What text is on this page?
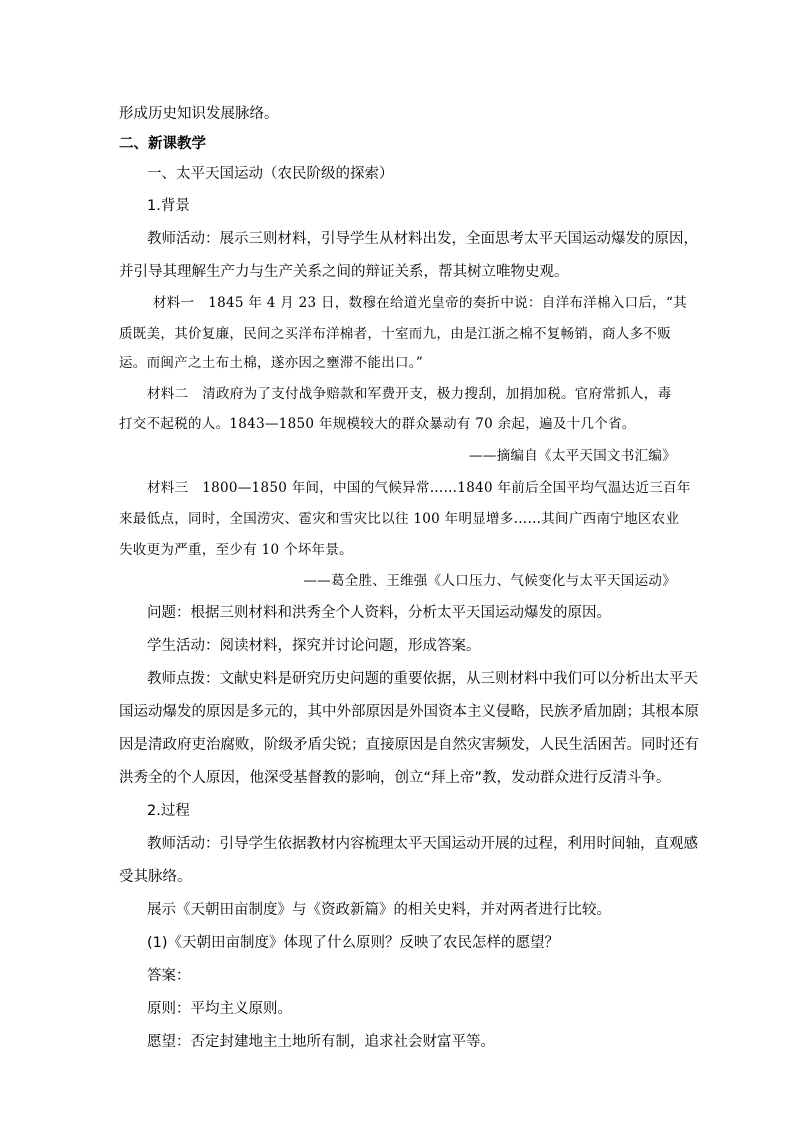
形成历史知识发展脉络。
二、新课教学
一、太平天国运动（农民阶级的探索）
1.背景
教师活动：展示三则材料，引导学生从材料出发，全面思考太平天国运动爆发的原因，
并引导其理解生产力与生产关系之间的辩证关系，帮其树立唯物史观。
材料一　1845 年 4 月 23 日，数穆在给道光皇帝的奏折中说：自洋布洋棉入口后，“其
质既美，其价复廉，民间之买洋布洋棉者，十室而九，由是江浙之棉不复畅销，商人多不贩
运。而闽产之土布土棉，遂亦因之壅滞不能出口。”
材料二　清政府为了支付战争赔款和军费开支，极力搜刮，加捐加税。官府常抓人，毒
打交不起税的人。1843—1850 年规模较大的群众暴动有 70 余起，遍及十几个省。
——摘编自《太平天国文书汇编》
材料三　1800—1850 年间，中国的气候异常……1840 年前后全国平均气温达近三百年
来最低点，同时，全国涝灾、雹灾和雪灾比以往 100 年明显增多……其间广西南宁地区农业
失收更为严重，至少有 10 个坏年景。
——葛全胜、王维强《人口压力、气候变化与太平天国运动》
问题：根据三则材料和洪秀全个人资料，分析太平天国运动爆发的原因。
学生活动：阅读材料，探究并讨论问题，形成答案。
教师点拨：文献史料是研究历史问题的重要依据，从三则材料中我们可以分析出太平天
国运动爆发的原因是多元的，其中外部原因是外国资本主义侵略，民族矛盾加剧；其根本原
因是清政府吏治腐败，阶级矛盾尖锐；直接原因是自然灾害频发，人民生活困苦。同时还有
洪秀全的个人原因，他深受基督教的影响，创立“拜上帝”教，发动群众进行反清斗争。
2.过程
教师活动：引导学生依据教材内容梳理太平天国运动开展的过程，利用时间轴，直观感
受其脉络。
展示《天朝田亩制度》与《资政新篇》的相关史料，并对两者进行比较。
(1)《天朝田亩制度》体现了什么原则？反映了农民怎样的愿望？
答案：
原则：平均主义原则。
愿望：否定封建地主土地所有制，追求社会财富平等。
